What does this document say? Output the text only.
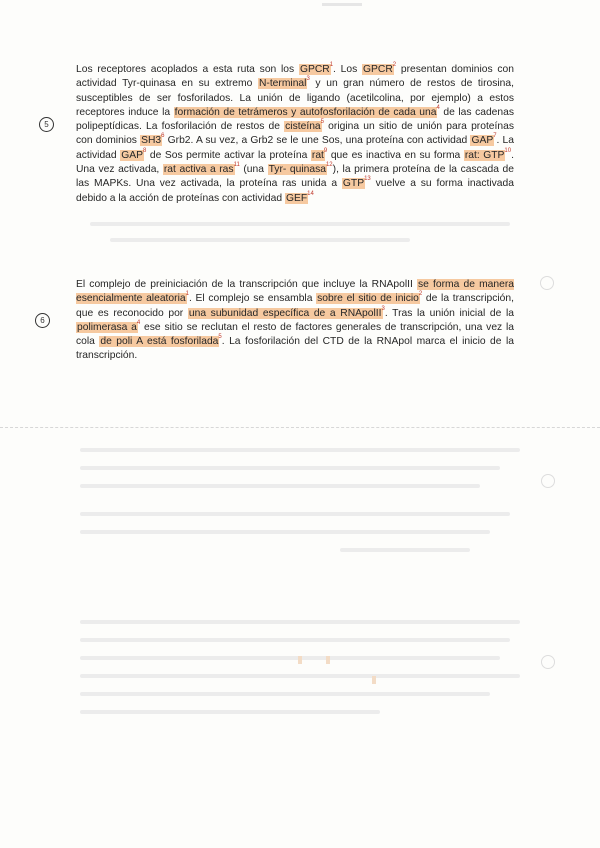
5
Los receptores acoplados a esta ruta son los GPCR$^1$. Los GPCR$^2$ presentan dominios con actividad Tyr-quinasa en su extremo N-terminal$^3$ y un gran número de restos de tirosina, susceptibles de ser fosforilados. La unión de ligando (acetilcolina, por ejemplo) a estos receptores induce la formación de tetrámeros y autofosforilación de cada una$^4$ de las cadenas polipeptídicas. La fosforilación de restos de cisteína$^5$ origina un sitio de unión para proteínas con dominios $SH3^6$ Grb2. A su vez, a Grb2 se le une Sos, una proteína con actividad GAP$^7$. La actividad GAP$^8$ de Sos permite activar la proteína rat$^9$ que es inactiva en su forma rat: GTP$^{10}$. Una vez activada, rat activa a ras$^{11}$ (una Tyr- quinasa$^{12}$), la primera proteína de la cascada de las MAPKs. Una vez activada, la proteína ras unida a GTP$^{13}$ vuelve a su forma inactivada debido a la acción de proteínas con actividad GEF$^{14}$
6
El complejo de preiniciación de la transcripción que incluye la RNApolII se forma de manera esencialmente aleatoria$^1$. El complejo se ensambla sobre el sitio de inicio$^2$ de la transcripción, que es reconocido por una subunidad específica de a RNApolII$^3$. Tras la unión inicial de la polimerasa $a^4$ ese sitio se reclutan el resto de factores generales de transcripción, una vez la cola de poli A está fosforilada$^5$. La fosforilación del CTD de la RNApol marca el inicio de la transcripción.
